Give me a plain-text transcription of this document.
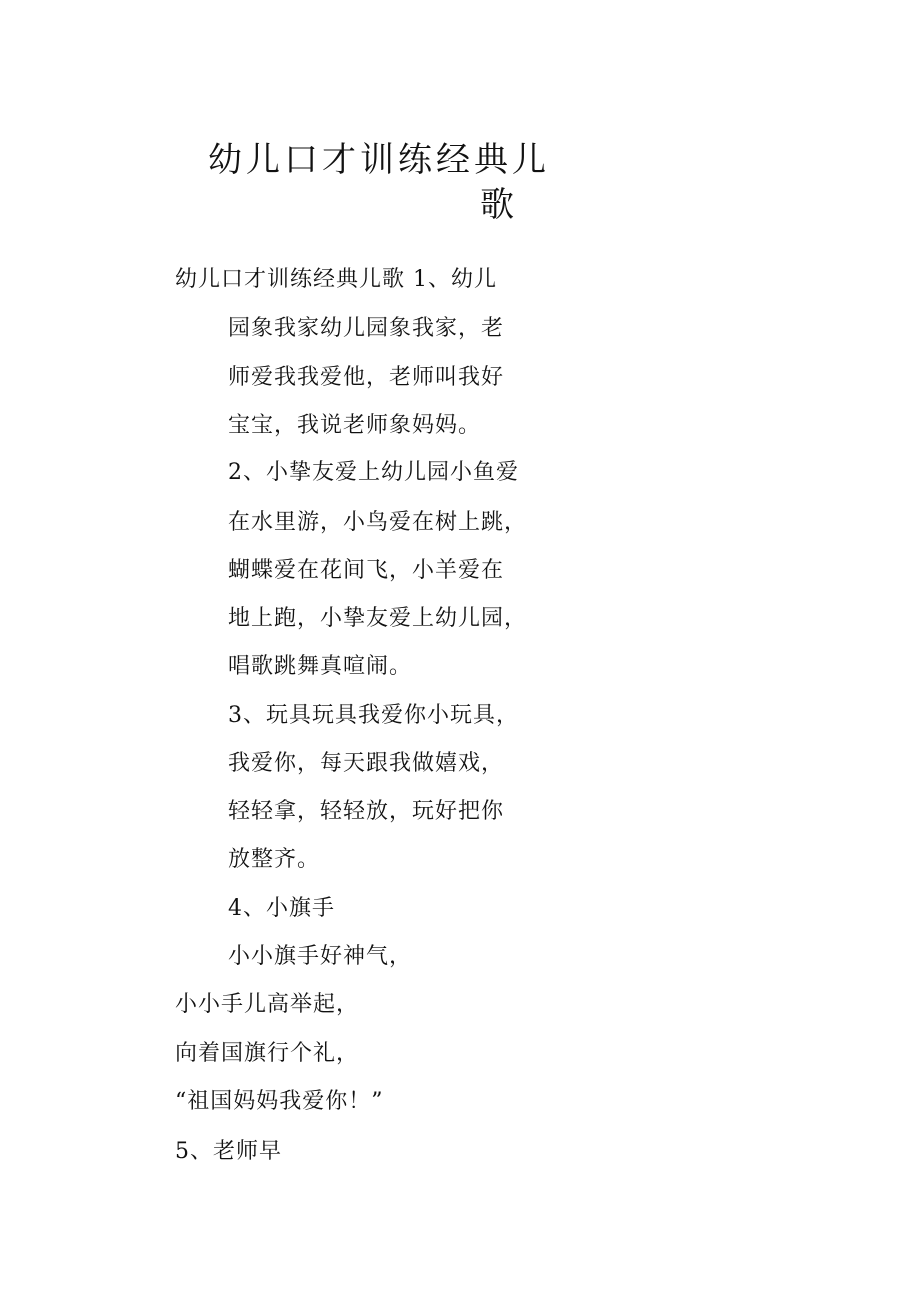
幼儿口才训练经典儿
歌
幼儿口才训练经典儿歌 1、幼儿
园象我家幼儿园象我家，老
师爱我我爱他，老师叫我好
宝宝，我说老师象妈妈。
2、小挚友爱上幼儿园小鱼爱
在水里游，小鸟爱在树上跳，
蝴蝶爱在花间飞，小羊爱在
地上跑，小挚友爱上幼儿园，
唱歌跳舞真喧闹。
3、玩具玩具我爱你小玩具，
我爱你，每天跟我做嬉戏，
轻轻拿，轻轻放，玩好把你
放整齐。
4、小旗手
小小旗手好神气，
小小手儿高举起，
向着国旗行个礼，
“祖国妈妈我爱你！”
5、老师早
